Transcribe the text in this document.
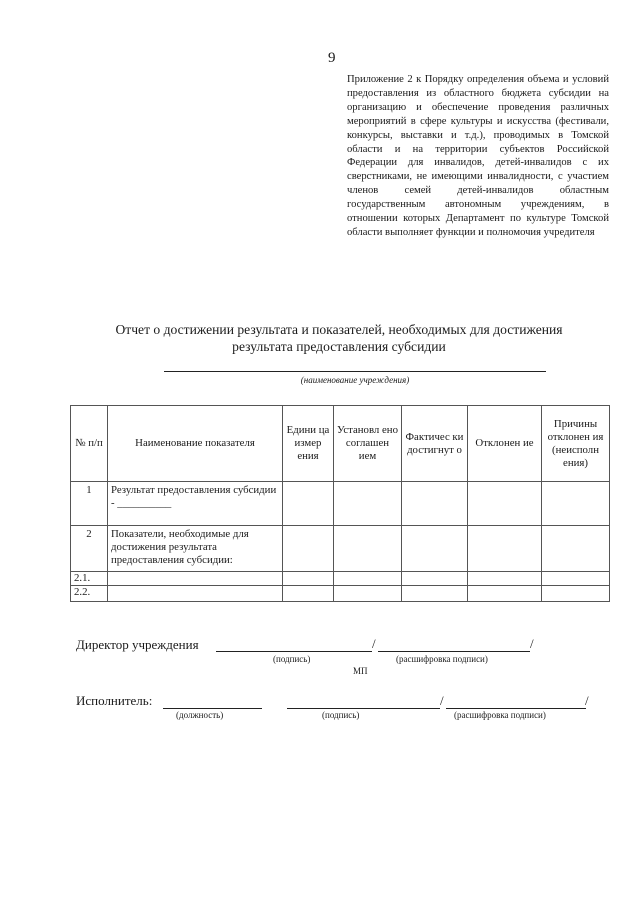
9
Приложение 2 к Порядку определения объема и условий предоставления из областного бюджета субсидии на организацию и обеспечение проведения различных мероприятий в сфере культуры и искусства (фестивали, конкурсы, выставки и т.д.), проводимых в Томской области и на территории субъектов Российской Федерации для инвалидов, детей-инвалидов с их сверстниками, не имеющими инвалидности, с участием членов семей детей-инвалидов областным государственным автономным учреждениям, в отношении которых Департамент по культуре Томской области выполняет функции и полномочия учредителя
Отчет о достижении результата и показателей, необходимых для достижения
результата предоставления субсидии
(наименование учреждения)
№ п/п	Наименование показателя	Едини ца измер ения	Установл ено соглашен ием	Фактичес ки достигнут о	Отклонен ие	Причины отклонен ия (неисполн ения)
1	Результат предоставления субсидии - __________					
2	Показатели, необходимые для достижения результата предоставления субсидии:					
2.1.						
2.2.						
Директор учреждения	/	/
(подпись)	(расшифровка подписи)
МП
Исполнитель:	/	/
(должность)	(подпись)	(расшифровка подписи)
